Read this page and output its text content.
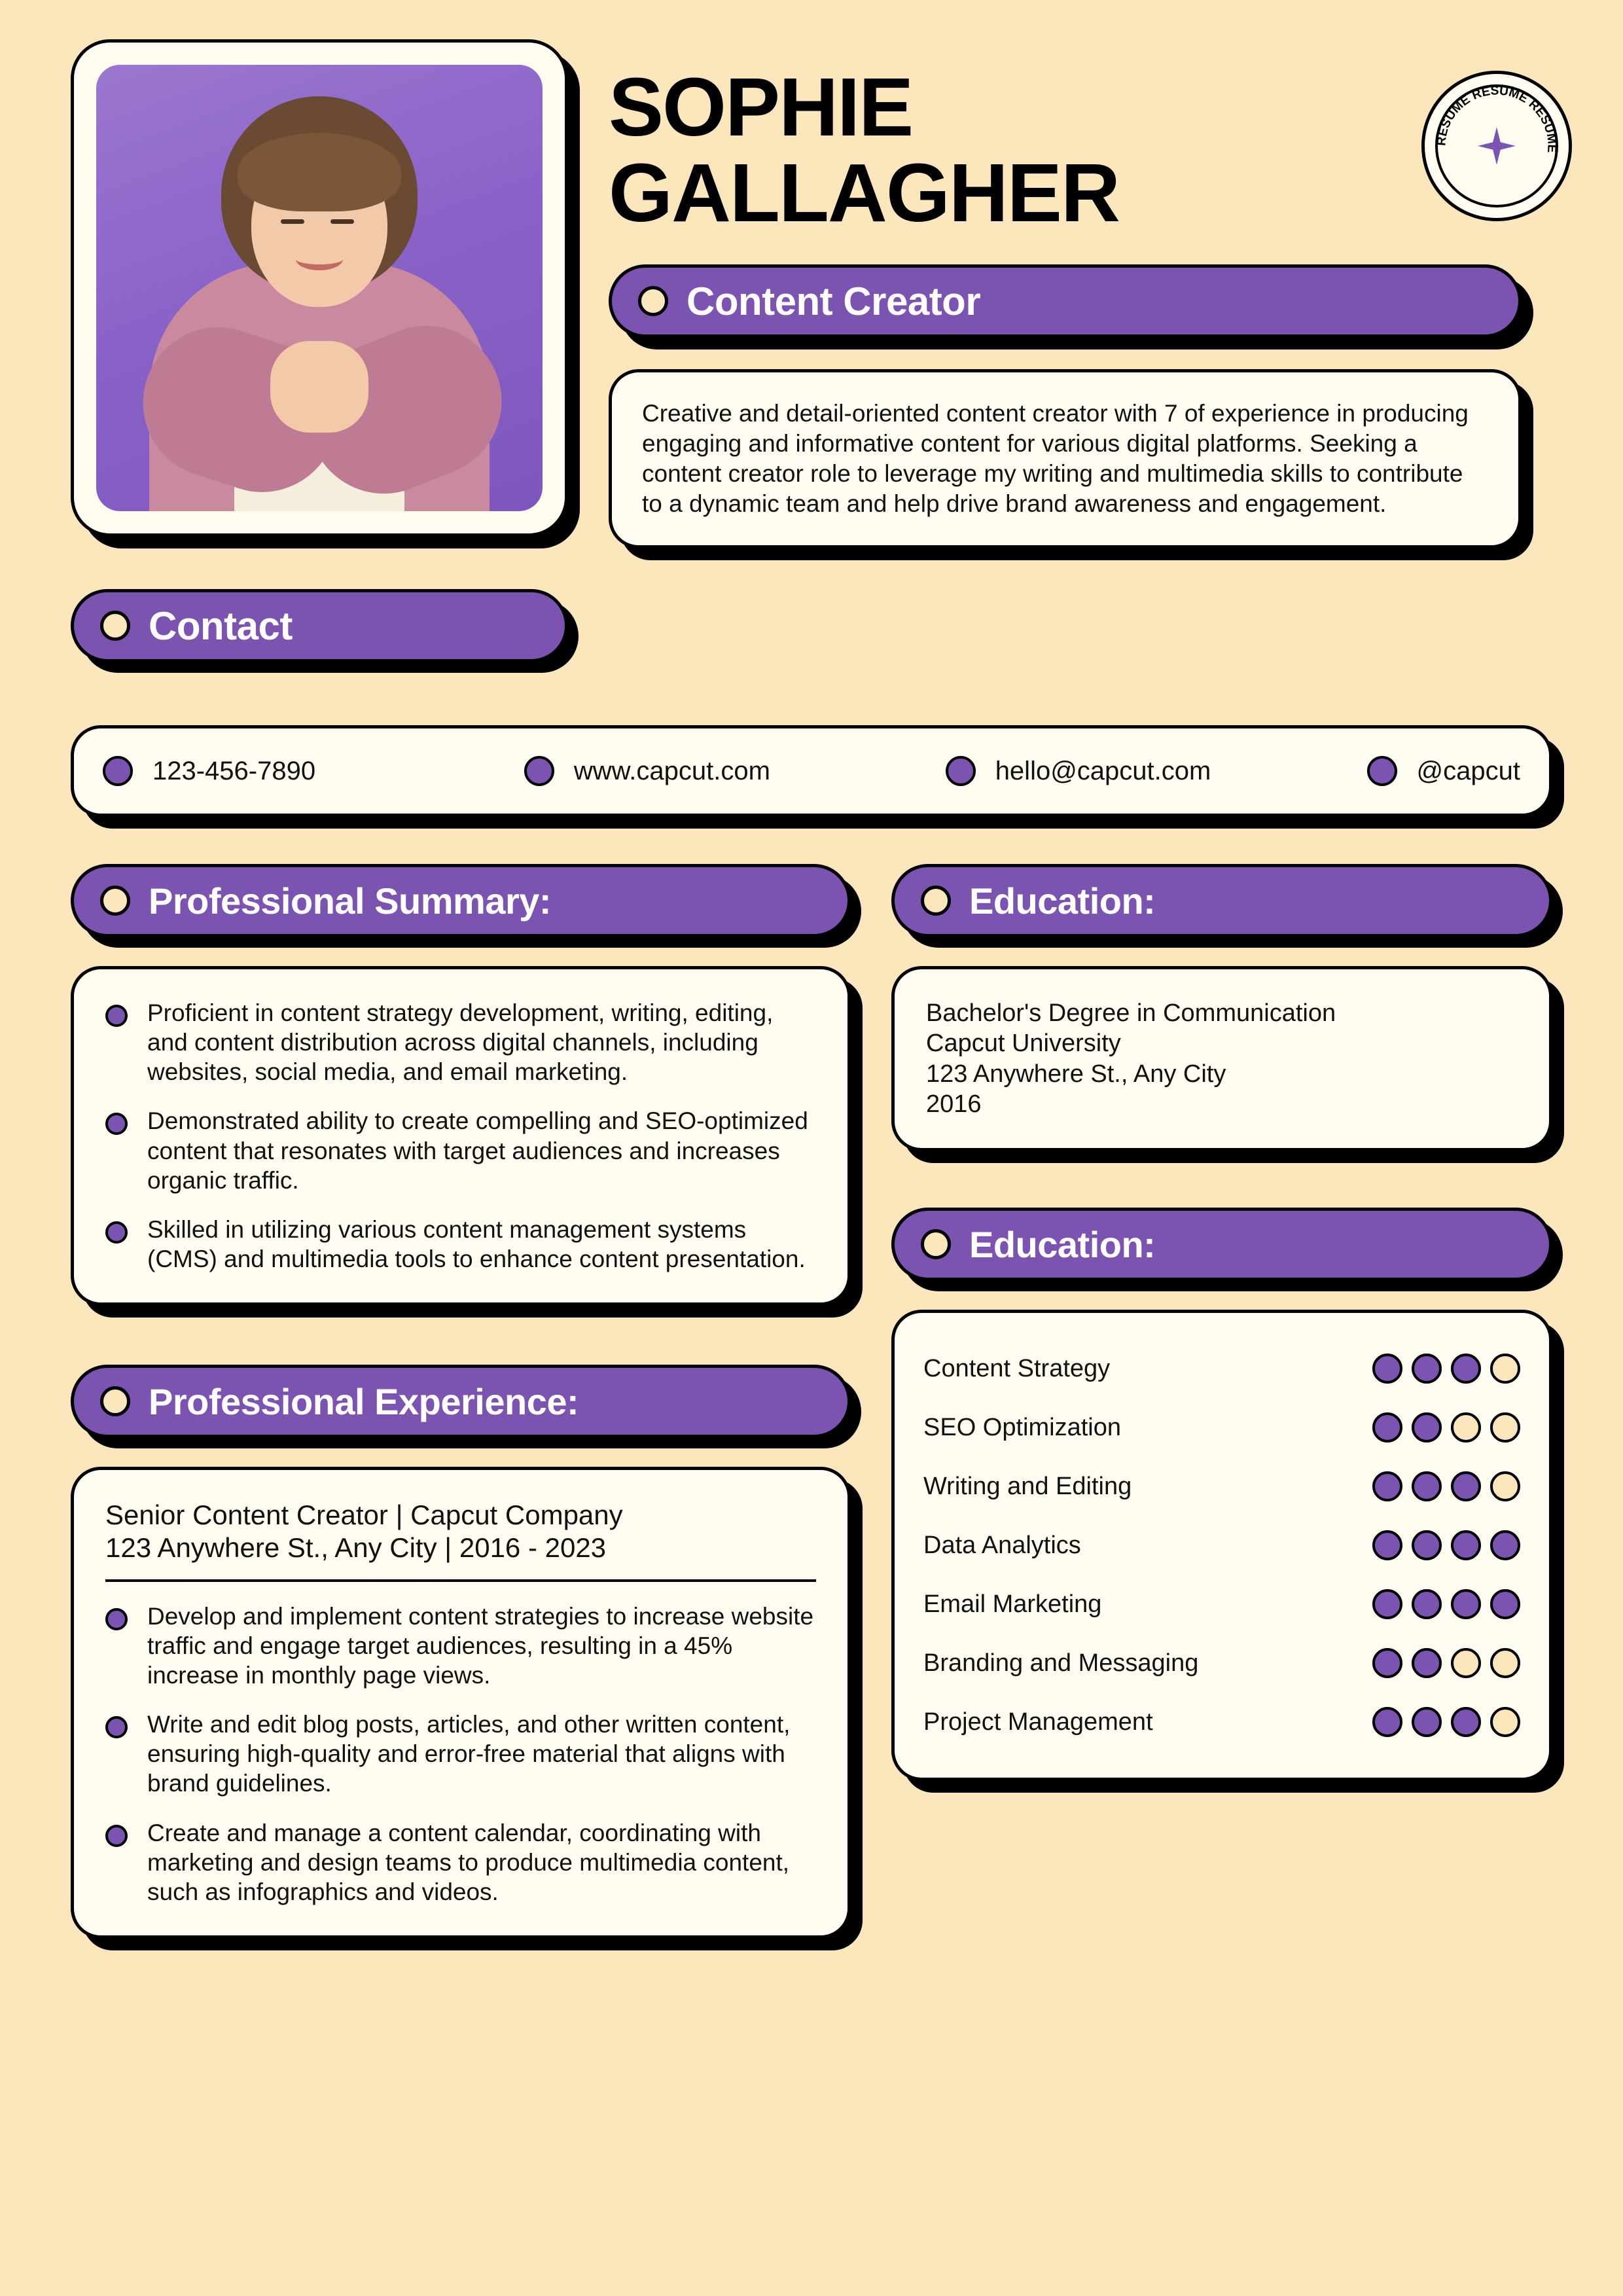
SOPHIE
GALLAGHER
RESUME RESUME RESUME
Content Creator

Creative and detail-oriented content creator with 7 of experience in producing engaging and informative content for various digital platforms. Seeking a content creator role to leverage my writing and multimedia skills to contribute to a dynamic team and help drive brand awareness and engagement.

Contact
123-456-7890	www.capcut.com	hello@capcut.com	@capcut
Professional Summary:
Proficient in content strategy development, writing, editing, and content distribution across digital channels, including websites, social media, and email marketing.
Demonstrated ability to create compelling and SEO-optimized content that resonates with target audiences and increases organic traffic.
Skilled in utilizing various content management systems (CMS) and multimedia tools to enhance content presentation.
Professional Experience:
Senior Content Creator | Capcut Company
123 Anywhere St., Any City | 2016 - 2023
Develop and implement content strategies to increase website traffic and engage target audiences, resulting in a 45% increase in monthly page views.
Write and edit blog posts, articles, and other written content, ensuring high-quality and error-free material that aligns with brand guidelines.
Create and manage a content calendar, coordinating with marketing and design teams to produce multimedia content, such as infographics and videos.
Education:

Bachelor's Degree in Communication

Capcut University

123 Anywhere St., Any City

2016

Education:
Content Strategy
SEO Optimization
Writing and Editing
Data Analytics
Email Marketing
Branding and Messaging
Project Management
